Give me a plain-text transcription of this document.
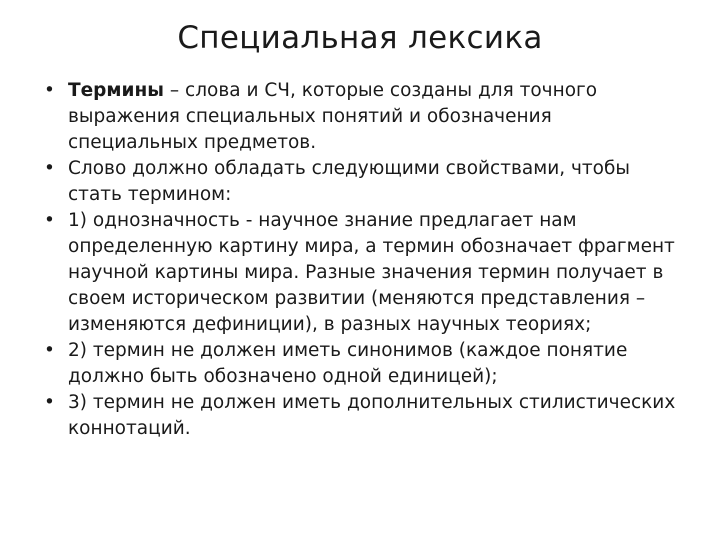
Специальная лексика
• Термины – слова и СЧ, которые созданы для точного выражения специальных понятий и обозначения специальных предметов.
• Слово должно обладать следующими свойствами, чтобы стать термином:
• 1) однозначность - научное знание предлагает нам определенную картину мира, а термин обозначает фрагмент научной картины мира. Разные значения термин получает в своем историческом развитии (меняются представления – изменяются дефиниции), в разных научных теориях;
• 2) термин не должен иметь синонимов (каждое понятие должно быть обозначено одной единицей);
• 3) термин не должен иметь дополнительных стилистических коннотаций.
